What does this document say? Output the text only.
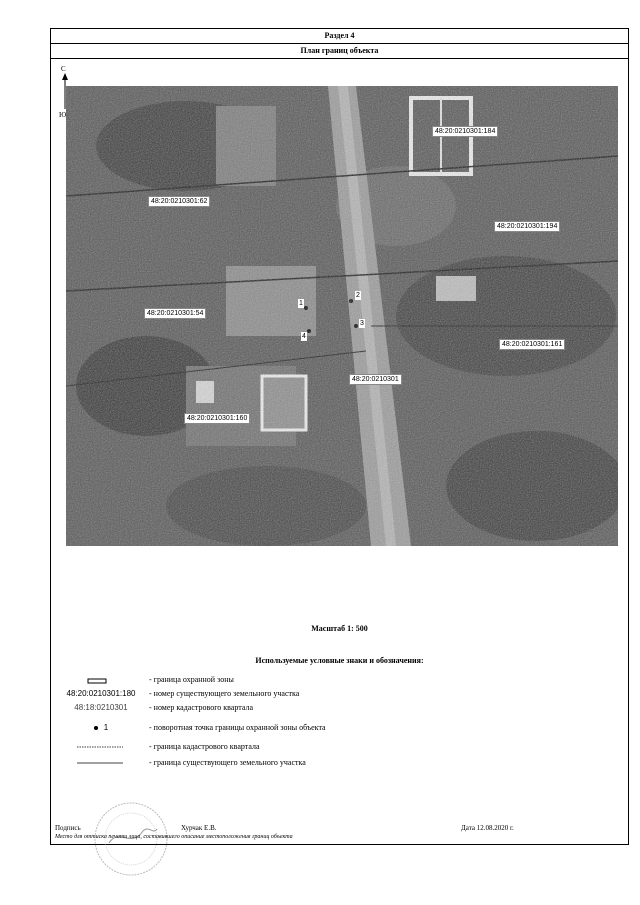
Раздел 4
План границ объекта
С
Ю
48:20:0210301:184
48:20:0210301:62
48:20:0210301:194
48:20:0210301:54
48:20:0210301:161
48:20:0210301:160
48:20:0210301
1
2
3
4
Масштаб 1: 500
Используемые условные знаки и обозначения:
- граница охранной зоны
48:20:0210301:180	- номер существующего земельного участка
48:18:0210301	- номер кадастрового квартала
1	- поворотная точка границы охранной зоны объекта
- граница кадастрового квартала
- граница существующего земельного участка
Подпись	Хурчак Е.В.	Дата 12.08.2020 г.
Место для оттиска печати лица, составившего описание местоположения границ объекта
